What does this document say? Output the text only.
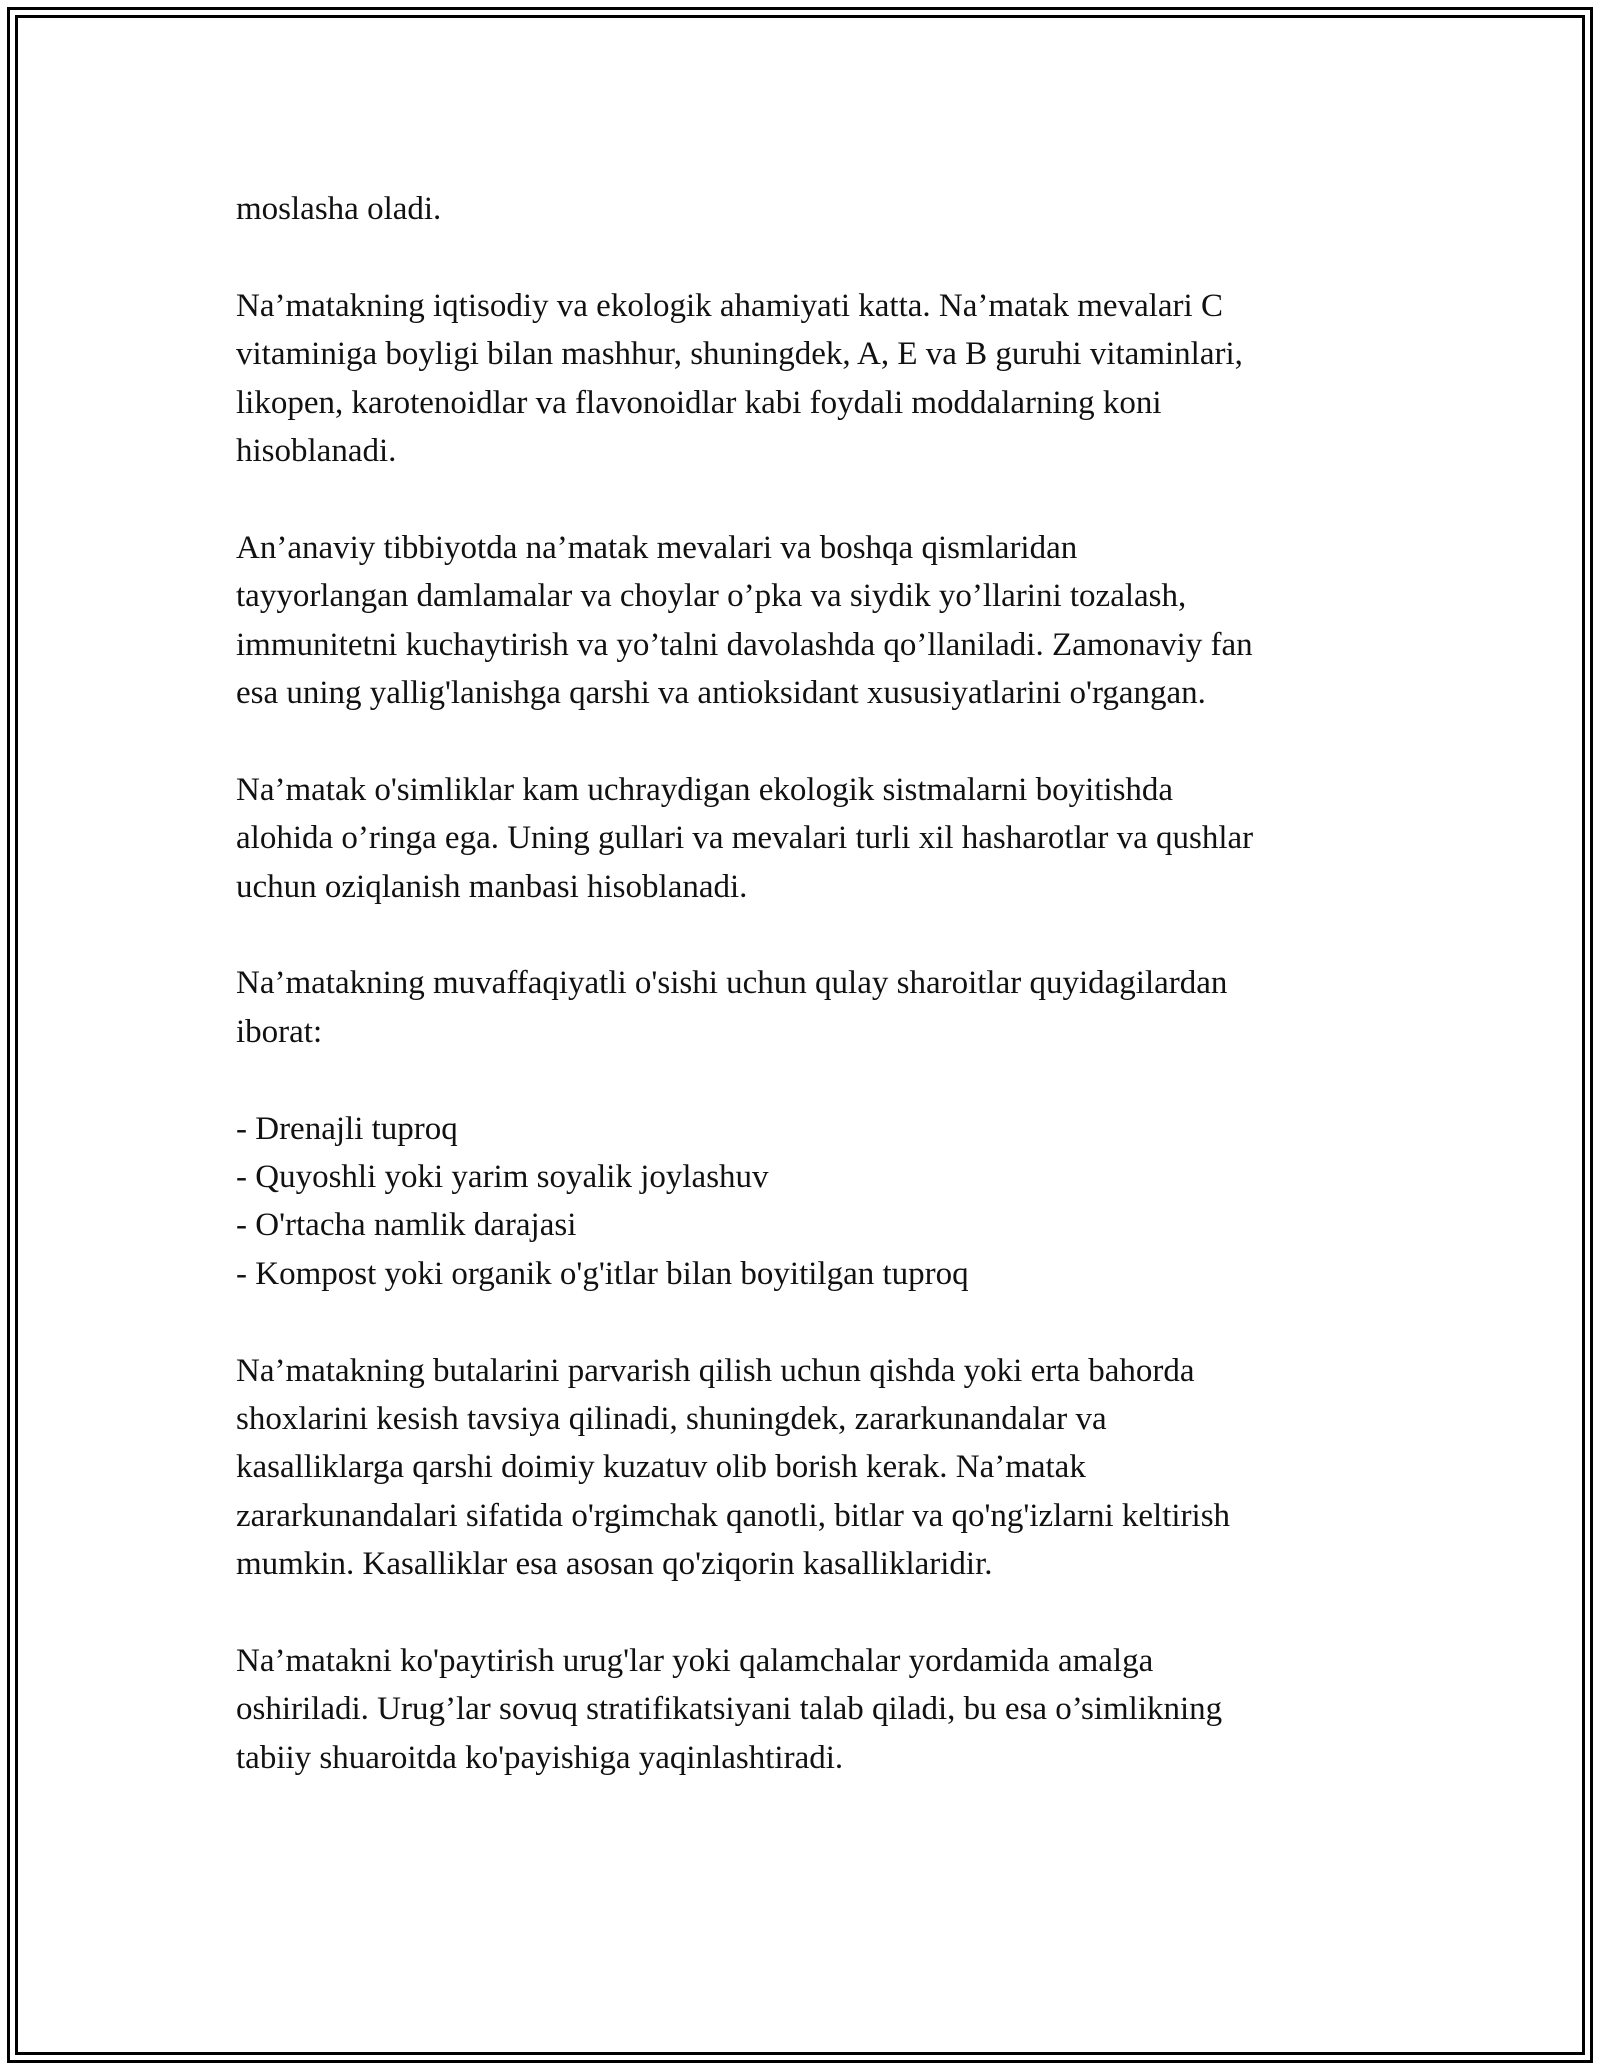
moslasha oladi.

Na’matakning iqtisodiy va ekologik ahamiyati katta. Na’matak mevalari C
vitaminiga boyligi bilan mashhur, shuningdek, A, E va B guruhi vitaminlari,
likopen, karotenoidlar va flavonoidlar kabi foydali moddalarning koni
hisoblanadi.

An’anaviy tibbiyotda na’matak mevalari va boshqa qismlaridan
tayyorlangan damlamalar va choylar o’pka va siydik yo’llarini tozalash,
immunitetni kuchaytirish va yo’talni davolashda qo’llaniladi. Zamonaviy fan
esa uning yallig'lanishga qarshi va antioksidant xususiyatlarini o'rgangan.

Na’matak o'simliklar kam uchraydigan ekologik sistmalarni boyitishda
alohida o’ringa ega. Uning gullari va mevalari turli xil hasharotlar va qushlar
uchun oziqlanish manbasi hisoblanadi.

Na’matakning muvaffaqiyatli o'sishi uchun qulay sharoitlar quyidagilardan
iborat:

- Drenajli tuproq
- Quyoshli yoki yarim soyalik joylashuv
- O'rtacha namlik darajasi
- Kompost yoki organik o'g'itlar bilan boyitilgan tuproq

Na’matakning butalarini parvarish qilish uchun qishda yoki erta bahorda
shoxlarini kesish tavsiya qilinadi, shuningdek, zararkunandalar va
kasalliklarga qarshi doimiy kuzatuv olib borish kerak. Na’matak
zararkunandalari sifatida o'rgimchak qanotli, bitlar va qo'ng'izlarni keltirish
mumkin. Kasalliklar esa asosan qo'ziqorin kasalliklaridir.

Na’matakni ko'paytirish urug'lar yoki qalamchalar yordamida amalga
oshiriladi. Urug’lar sovuq stratifikatsiyani talab qiladi, bu esa o’simlikning
tabiiy shuaroitda ko'payishiga yaqinlashtiradi.
